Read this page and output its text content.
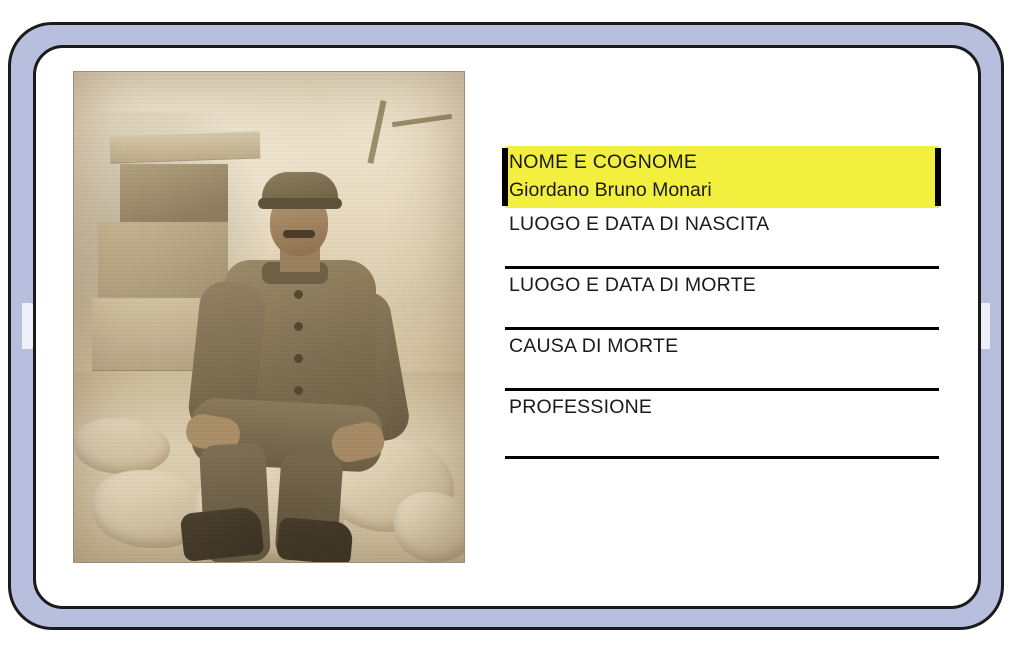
NOME E COGNOME
Giordano Bruno Monari
LUOGO E DATA DI NASCITA
LUOGO E DATA DI MORTE
CAUSA DI MORTE
PROFESSIONE
